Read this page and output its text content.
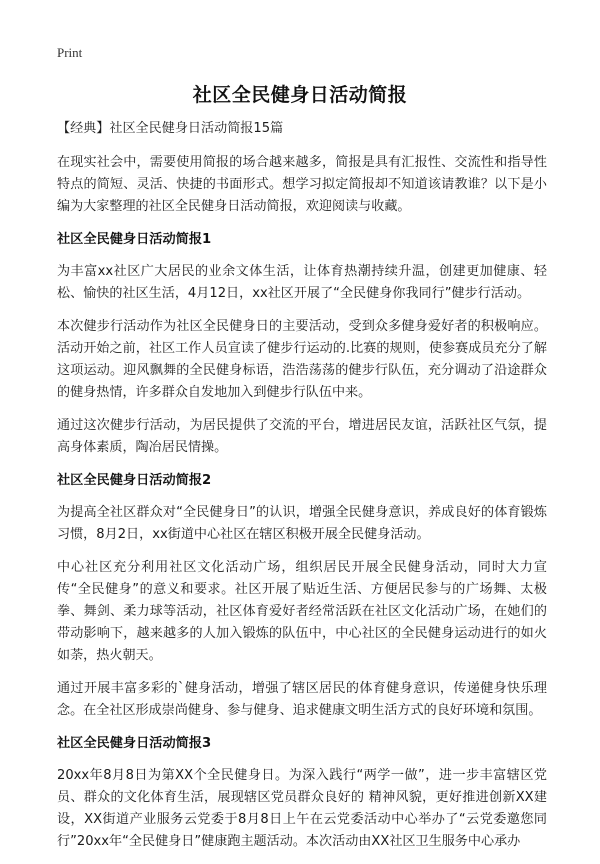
Print
社区全民健身日活动简报

【经典】社区全民健身日活动简报15篇

在现实社会中，需要使用简报的场合越来越多，简报是具有汇报性、交流性和指导性特点的简短、灵活、快捷的书面形式。想学习拟定简报却不知道该请教谁？以下是小编为大家整理的社区全民健身日活动简报，欢迎阅读与收藏。

社区全民健身日活动简报1

为丰富xx社区广大居民的业余文体生活，让体育热潮持续升温，创建更加健康、轻松、愉快的社区生活，4月12日，xx社区开展了“全民健身你我同行”健步行活动。

本次健步行活动作为社区全民健身日的主要活动，受到众多健身爱好者的积极响应。活动开始之前，社区工作人员宣读了健步行运动的.比赛的规则，使参赛成员充分了解这项运动。迎风飘舞的全民健身标语，浩浩荡荡的健步行队伍，充分调动了沿途群众的健身热情，许多群众自发地加入到健步行队伍中来。

通过这次健步行活动，为居民提供了交流的平台，增进居民友谊，活跃社区气氛，提高身体素质，陶冶居民情操。

社区全民健身日活动简报2

为提高全社区群众对“全民健身日”的认识，增强全民健身意识，养成良好的体育锻炼习惯，8月2日，xx街道中心社区在辖区积极开展全民健身活动。

中心社区充分利用社区文化活动广场，组织居民开展全民健身活动，同时大力宣传“全民健身”的意义和要求。社区开展了贴近生活、方便居民参与的广场舞、太极拳、舞剑、柔力球等活动，社区体育爱好者经常活跃在社区文化活动广场，在她们的带动影响下，越来越多的人加入锻炼的队伍中，中心社区的全民健身运动进行的如火如荼，热火朝天。

通过开展丰富多彩的`健身活动，增强了辖区居民的体育健身意识，传递健身快乐理念。在全社区形成崇尚健身、参与健身、追求健康文明生活方式的良好环境和氛围。

社区全民健身日活动简报3

20xx年8月8日为第XX个全民健身日。为深入践行“两学一做”，进一步丰富辖区党员、群众的文化体育生活，展现辖区党员群众良好的 精神风貌，更好推进创新XX建设，XX街道产业服务云党委于8月8日上午在云党委活动中心举办了“云党委邀您同行”20xx年“全民健身日”健康跑主题活动。本次活动由XX社区卫生服务中心承办
